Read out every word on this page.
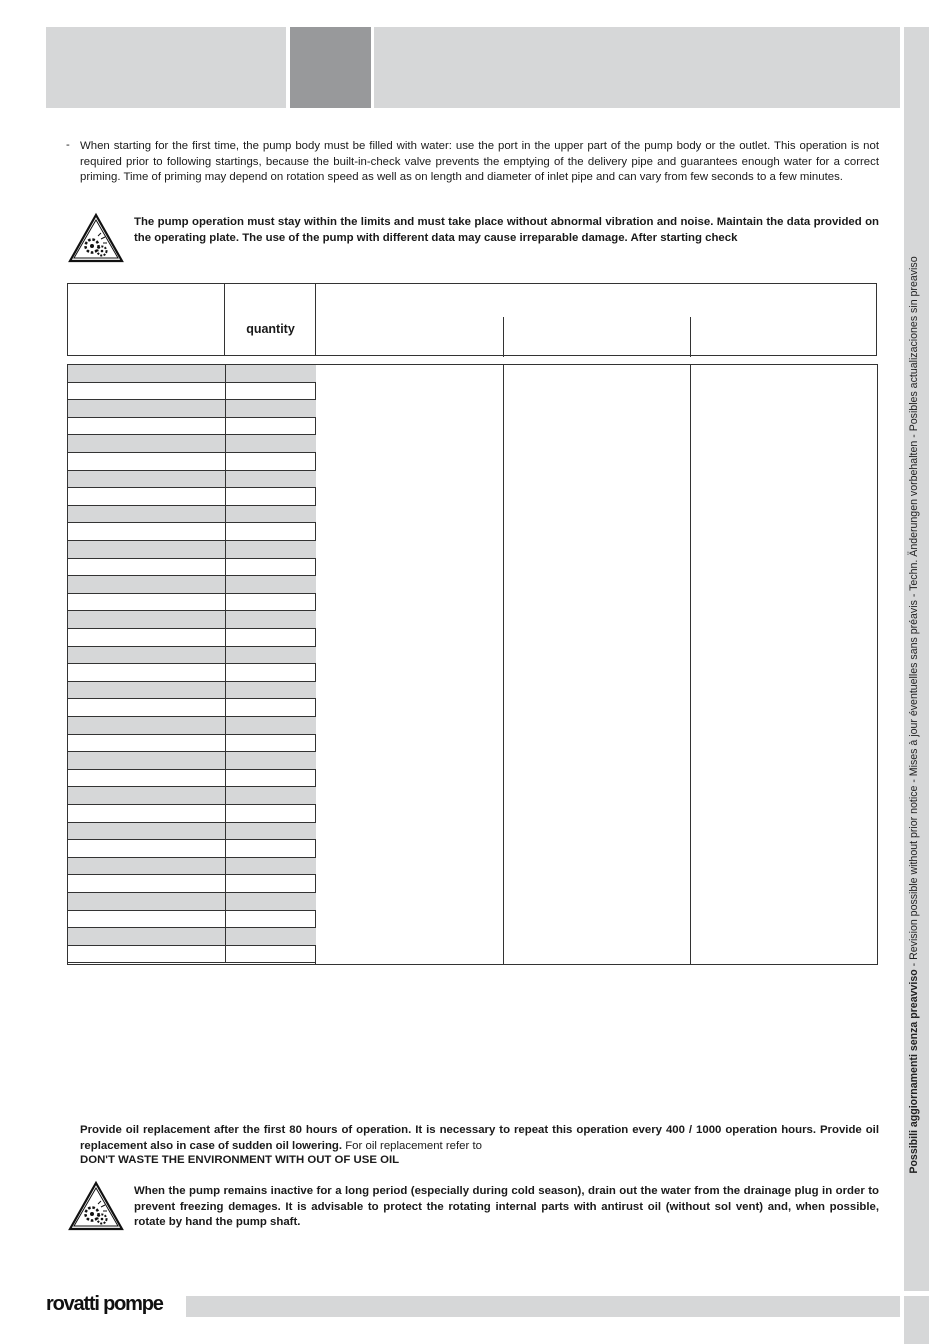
Possibili aggiornamenti senza preavviso - Revision possible without prior notice - Mises à jour éventuelles sans préavis - Techn. Änderungen vorbehalten - Posibles actualizaciones sin preaviso
- When starting for the first time, the pump body must be filled with water: use the port in the upper part of the pump body or the outlet. This operation is not required prior to following startings, because the built-in-check valve prevents the emptying of the delivery pipe and guarantees enough water for a correct priming. Time of priming may depend on rotation speed as well as on length and diameter of inlet pipe and can vary from few seconds to a few minutes.
The pump operation must stay within the limits and must take place without abnormal vibration and noise. Maintain the data provided on the operating plate. The use of the pump with different data may cause irreparable damage. After starting check
quantity
Provide oil replacement after the first 80 hours of operation. It is necessary to repeat this operation every 400 / 1000 operation hours. Provide oil replacement also in case of sudden oil lowering. For oil replacement refer to
DON'T WASTE THE ENVIRONMENT WITH OUT OF USE OIL
When the pump remains inactive for a long period (especially during cold season), drain out the water from the drainage plug in order to prevent freezing demages. It is advisable to protect the rotating internal parts with antirust oil (without sol vent) and, when possible, rotate by hand the pump shaft.
rovatti pompe
